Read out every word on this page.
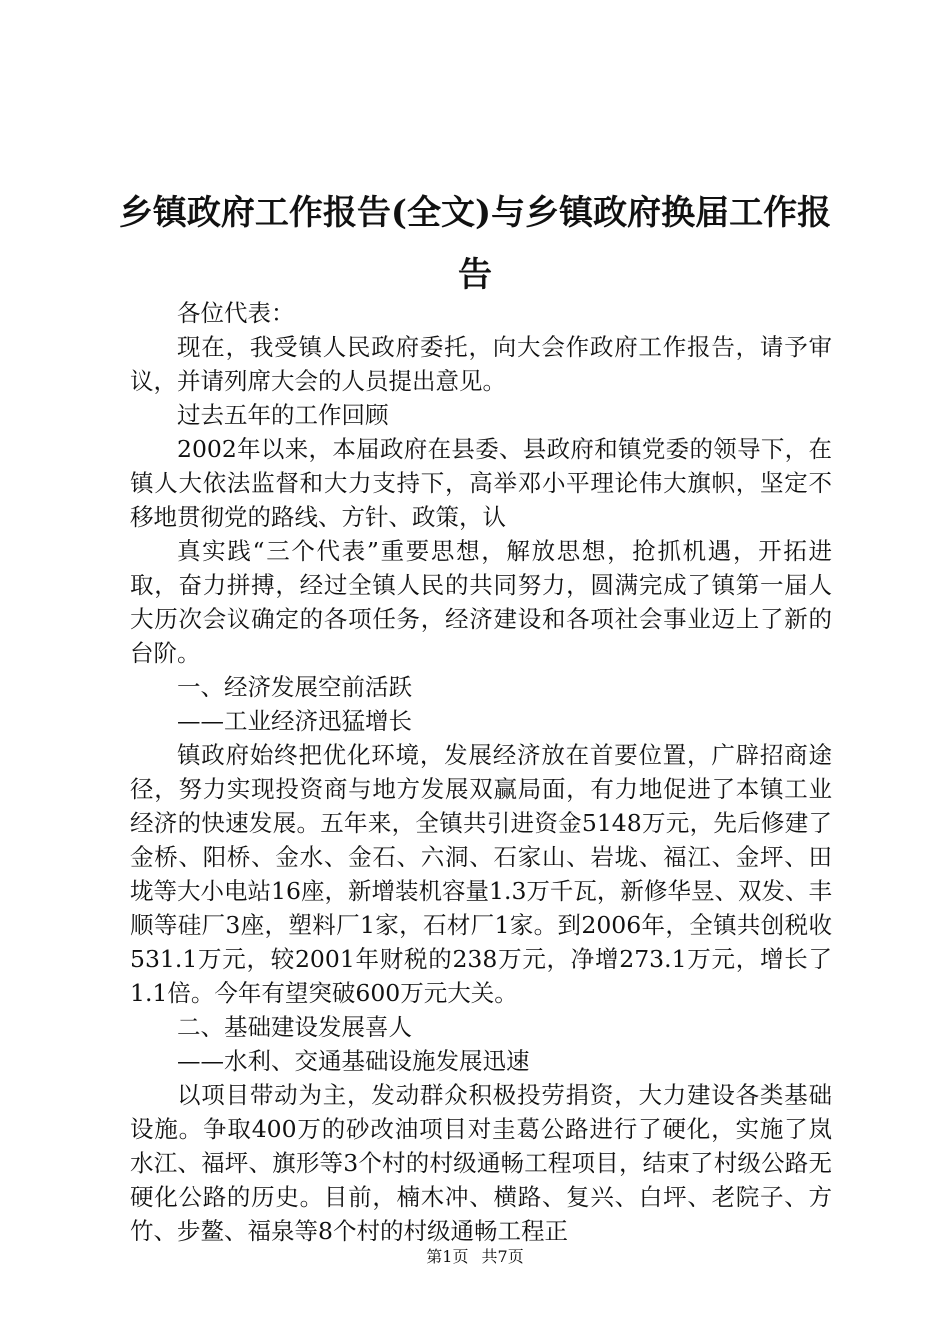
乡镇政府工作报告(全文)与乡镇政府换届工作报告

各位代表：

现在，我受镇人民政府委托，向大会作政府工作报告，请予审议，并请列席大会的人员提出意见。

过去五年的工作回顾

2002年以来，本届政府在县委、县政府和镇党委的领导下，在镇人大依法监督和大力支持下，高举邓小平理论伟大旗帜，坚定不移地贯彻党的路线、方针、政策，认

真实践“三个代表”重要思想，解放思想，抢抓机遇，开拓进取，奋力拼搏，经过全镇人民的共同努力，圆满完成了镇第一届人大历次会议确定的各项任务，经济建设和各项社会事业迈上了新的台阶。

一、经济发展空前活跃

——工业经济迅猛增长

镇政府始终把优化环境，发展经济放在首要位置，广辟招商途径，努力实现投资商与地方发展双赢局面，有力地促进了本镇工业经济的快速发展。五年来，全镇共引进资金5148万元，先后修建了金桥、阳桥、金水、金石、六洞、石家山、岩垅、福江、金坪、田垅等大小电站16座，新增装机容量1.3万千瓦，新修华昱、双发、丰顺等硅厂3座，塑料厂1家，石材厂1家。到2006年，全镇共创税收531.1万元，较2001年财税的238万元，净增273.1万元，增长了1.1倍。今年有望突破600万元大关。

二、基础建设发展喜人

——水利、交通基础设施发展迅速

以项目带动为主，发动群众积极投劳捐资，大力建设各类基础设施。争取400万的砂改油项目对圭葛公路进行了硬化，实施了岚水江、福坪、旗形等3个村的村级通畅工程项目，结束了村级公路无硬化公路的历史。目前，楠木冲、横路、复兴、白坪、老院子、方竹、步鳌、福泉等8个村的村级通畅工程正

第1页 共7页
